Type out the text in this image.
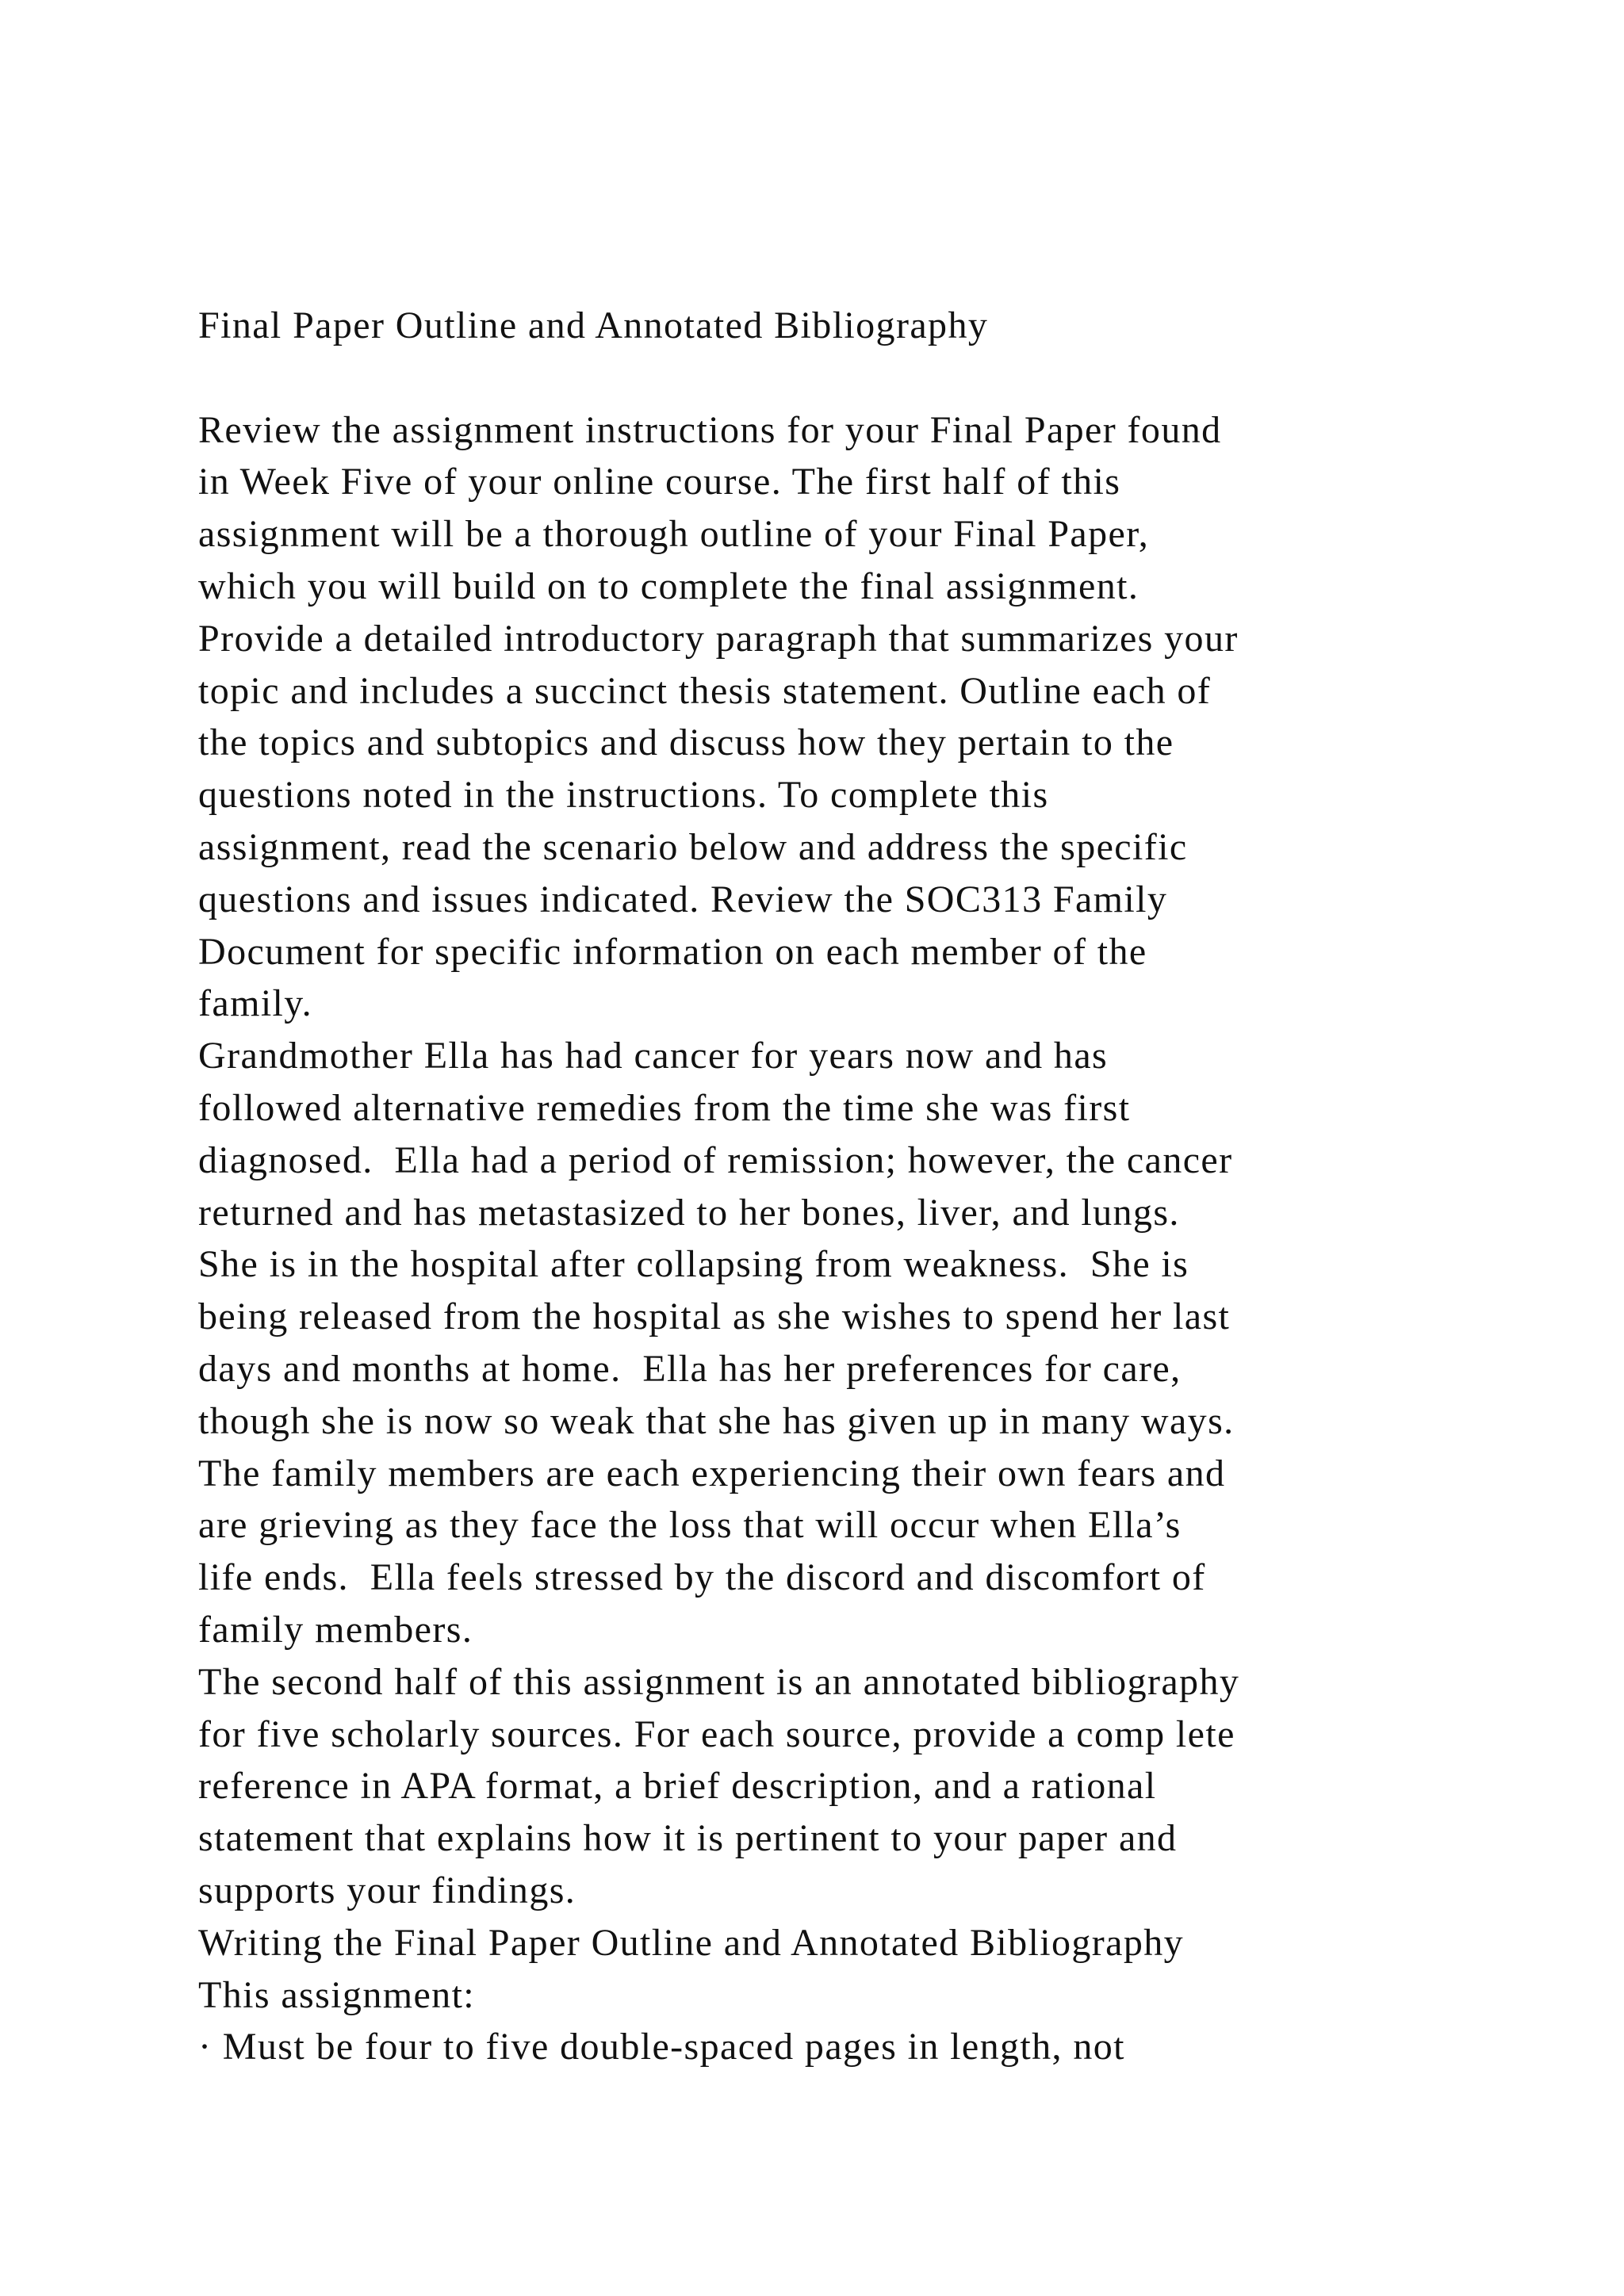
Final Paper Outline and Annotated Bibliography
Review the assignment instructions for your Final Paper found
in Week Five of your online course. The first half of this
assignment will be a thorough outline of your Final Paper,
which you will build on to complete the final assignment.
Provide a detailed introductory paragraph that summarizes your
topic and includes a succinct thesis statement. Outline each of
the topics and subtopics and discuss how they pertain to the
questions noted in the instructions. To complete this
assignment, read the scenario below and address the specific
questions and issues indicated. Review the SOC313 Family
Document for specific information on each member of the
family.
Grandmother Ella has had cancer for years now and has
followed alternative remedies from the time she was first
diagnosed.  Ella had a period of remission; however, the cancer
returned and has metastasized to her bones, liver, and lungs.
She is in the hospital after collapsing from weakness.  She is
being released from the hospital as she wishes to spend her last
days and months at home.  Ella has her preferences for care,
though she is now so weak that she has given up in many ways.
The family members are each experiencing their own fears and
are grieving as they face the loss that will occur when Ella’s
life ends.  Ella feels stressed by the discord and discomfort of
family members.
The second half of this assignment is an annotated bibliography
for five scholarly sources. For each source, provide a comp lete
reference in APA format, a brief description, and a rational
statement that explains how it is pertinent to your paper and
supports your findings.
Writing the Final Paper Outline and Annotated Bibliography
This assignment:
· Must be four to five double-spaced pages in length, not
